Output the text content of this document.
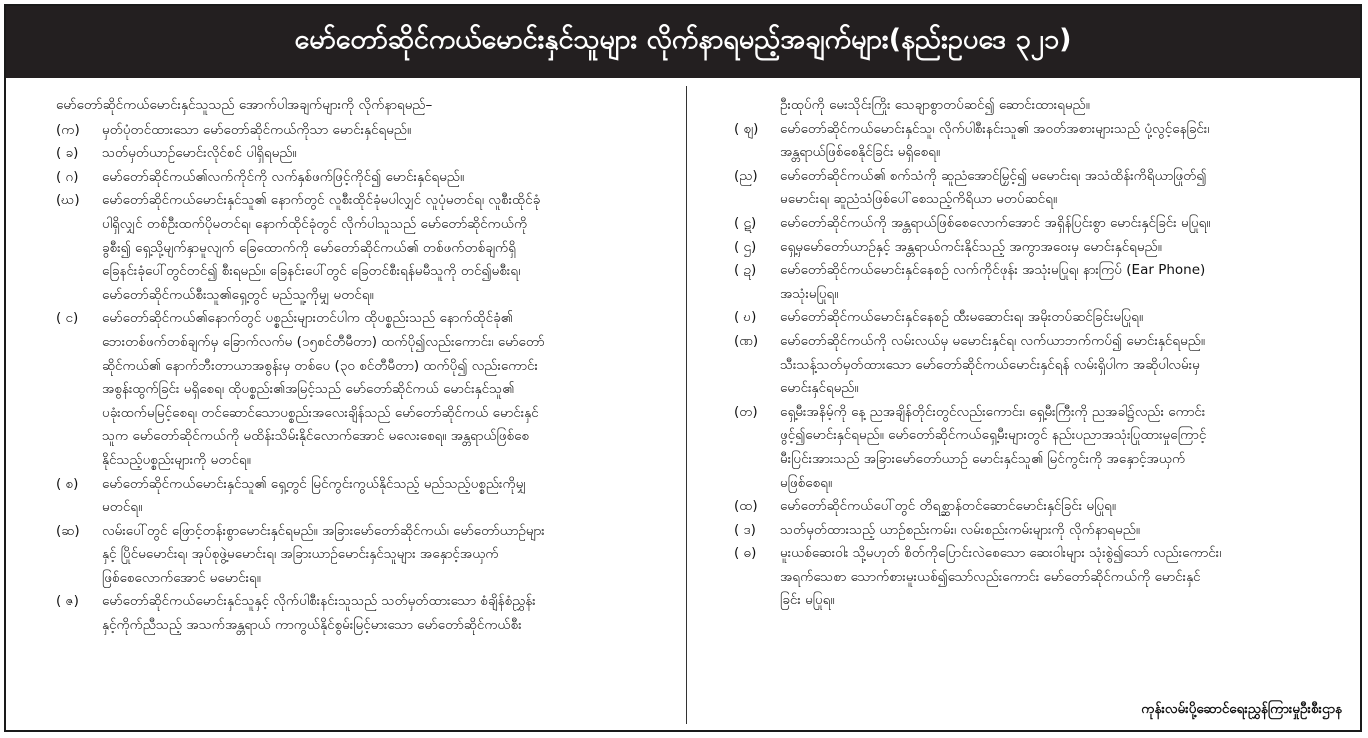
မော်တော်ဆိုင်ကယ်မောင်းနှင်သူများ လိုက်နာရမည့်အချက်များ(နည်းဥပဒေ ၃၂၁)
မော်တော်ဆိုင်ကယ်မောင်းနှင်သူသည် အောက်ပါအချက်များကို လိုက်နာရမည်–
(က)	မှတ်ပုံတင်ထားသော မော်တော်ဆိုင်ကယ်ကိုသာ မောင်းနှင်ရမည်။
( ခ)	သတ်မှတ်ယာဉ်မောင်းလိုင်စင် ပါရှိရမည်။
( ဂ)	မော်တော်ဆိုင်ကယ်၏လက်ကိုင်ကို လက်နှစ်ဖက်ဖြင့်ကိုင်၍ မောင်းနှင်ရမည်။
(ဃ)	မော်တော်ဆိုင်ကယ်မောင်းနှင်သူ၏ နောက်တွင် လူစီးထိုင်ခုံမပါလျှင် လူပုံမတင်ရ၊ လူစီးထိုင်ခုံ
ပါရှိလျှင် တစ်ဦးထက်ပိုမတင်ရ၊ နောက်ထိုင်ခုံတွင် လိုက်ပါသူသည် မော်တော်ဆိုင်ကယ်ကို
ခွစီး၍ ရှေ့သို့မျက်နှာမူလျက် ခြေထောက်ကို မော်တော်ဆိုင်ကယ်၏ တစ်ဖက်တစ်ချက်ရှိ
ခြေနင်းခုံပေါ်တွင်တင်၍ စီးရမည်။ ခြေနင်းပေါ်တွင် ခြေတင်စီးရန်မမီသူကို တင်၍မစီးရ၊
မော်တော်ဆိုင်ကယ်စီးသူ၏ရှေ့တွင် မည်သူ့ကိုမျှ မတင်ရ။
( င)	မော်တော်ဆိုင်ကယ်၏နောက်တွင် ပစ္စည်းများတင်ပါက ထိုပစ္စည်းသည် နောက်ထိုင်ခုံ၏
ဘေးတစ်ဖက်တစ်ချက်မှ ခြောက်လက်မ (၁၅စင်တီမီတာ) ထက်ပို၍လည်းကောင်း၊ မော်တော်
ဆိုင်ကယ်၏ နောက်ဘီးတာယာအစွန်းမှ တစ်ပေ (၃၀ စင်တီမီတာ) ထက်ပို၍ လည်းကောင်း
အစွန်းထွက်ခြင်း မရှိစေရ၊ ထိုပစ္စည်း၏အမြင့်သည် မော်တော်ဆိုင်ကယ် မောင်းနှင်သူ၏
ပခုံးထက်မမြင့်စေရ၊ တင်ဆောင်သောပစ္စည်းအလေးချိန်သည် မော်တော်ဆိုင်ကယ် မောင်းနှင်
သူက မော်တော်ဆိုင်ကယ်ကို မထိန်းသိမ်းနိုင်လောက်အောင် မလေးစေရ။ အန္တရာယ်ဖြစ်စေ
နိုင်သည့်ပစ္စည်းများကို မတင်ရ။
( စ)	မော်တော်ဆိုင်ကယ်မောင်းနှင်သူ၏ ရှေ့တွင် မြင်ကွင်းကွယ်နိုင်သည့် မည်သည့်ပစ္စည်းကိုမျှ
မတင်ရ။
(ဆ)	လမ်းပေါ်တွင် ဖြောင့်တန်းစွာမောင်းနှင်ရမည်။ အခြားမော်တော်ဆိုင်ကယ်၊ မော်တော်ယာဉ်များ
နှင့် ပြိုင်မမောင်းရ၊ အုပ်စုဖွဲ့မမောင်းရ၊ အခြားယာဉ်မောင်းနှင်သူများ အနှောင့်အယှက်
ဖြစ်စေလောက်အောင် မမောင်းရ။
( ဇ)	မော်တော်ဆိုင်ကယ်မောင်းနှင်သူနှင့် လိုက်ပါစီးနင်းသူသည် သတ်မှတ်ထားသော စံချိန်စံညွှန်း
နှင့်ကိုက်ညီသည့် အသက်အန္တရာယ် ကာကွယ်နိုင်စွမ်းမြင့်မားသော မော်တော်ဆိုင်ကယ်စီး
ဦးထုပ်ကို မေးသိုင်းကြိုး သေချာစွာတပ်ဆင်၍ ဆောင်းထားရမည်။
( ဈ)	မော်တော်ဆိုင်ကယ်မောင်းနှင်သူ၊ လိုက်ပါစီးနင်းသူ၏ အဝတ်အစားများသည် ပုံ့လွင့်နေခြင်း၊
အန္တရာယ်ဖြစ်စေနိုင်ခြင်း မရှိစေရ။
(ည)	မော်တော်ဆိုင်ကယ်၏ စက်သံကို ဆူညံအောင်မြှင့်၍ မမောင်းရ၊ အသံထိန်းကိရိယာဖြုတ်၍
မမောင်းရ၊ ဆူညံသံဖြစ်ပေါ်စေသည့်ကိရိယာ မတပ်ဆင်ရ။
( ဋ)	မော်တော်ဆိုင်ကယ်ကို အန္တရာယ်ဖြစ်စေလောက်အောင် အရှိန်ပြင်းစွာ မောင်းနှင်ခြင်း မပြုရ။
( ဌ)	ရှေ့မှမော်တော်ယာဉ်နှင့် အန္တရာယ်ကင်းနိုင်သည့် အကွာအဝေးမှ မောင်းနှင်ရမည်။
( ဍ)	မော်တော်ဆိုင်ကယ်မောင်းနှင်နေစဉ် လက်ကိုင်ဖုန်း အသုံးမပြုရ၊ နားကြပ် (Ear Phone)
အသုံးမပြုရ။
( ဎ)	မော်တော်ဆိုင်ကယ်မောင်းနှင်နေစဉ် ထီးမဆောင်းရ၊ အမိုးတပ်ဆင်ခြင်းမပြုရ။
(ဏ)	မော်တော်ဆိုင်ကယ်ကို လမ်းလယ်မှ မမောင်းနှင်ရ၊ လက်ယာဘက်ကပ်၍ မောင်းနှင်ရမည်။
သီးသန့်သတ်မှတ်ထားသော မော်တော်ဆိုင်ကယ်မောင်းနှင်ရန် လမ်းရှိပါက အဆိုပါလမ်းမှ
မောင်းနှင်ရမည်။
(တ)	ရှေ့မီးအနိမ့်ကို နေ့ ညအချိန်တိုင်းတွင်လည်းကောင်း၊ ရှေ့မီးကြီးကို ညအခါ၌လည်း ကောင်း
ဖွင့်၍မောင်းနှင်ရမည်။ မော်တော်ဆိုင်ကယ်ရှေ့မီးများတွင် နည်းပညာအသုံးပြုထားမှုကြောင့်
မီးပြင်းအားသည် အခြားမော်တော်ယာဉ် မောင်းနှင်သူ၏ မြင်ကွင်းကို အနှောင့်အယှက်
မဖြစ်စေရ။
(ထ)	မော်တော်ဆိုင်ကယ်ပေါ်တွင် တိရစ္ဆာန်တင်ဆောင်မောင်းနှင်ခြင်း မပြုရ။
( ဒ)	သတ်မှတ်ထားသည့် ယာဉ်စည်းကမ်း၊ လမ်းစည်းကမ်းများကို လိုက်နာရမည်။
( ဓ)	မူးယစ်ဆေးဝါး သို့မဟုတ် စိတ်ကိုပြောင်းလဲစေသော ဆေးဝါးများ သုံးစွဲ၍သော် လည်းကောင်း၊
အရက်သေစာ သောက်စားမူးယစ်၍သော်လည်းကောင်း မော်တော်ဆိုင်ကယ်ကို မောင်းနှင်
ခြင်း မပြုရ။
ကုန်းလမ်းပို့ဆောင်ရေးညွှန်ကြားမှုဦးစီးဌာန
